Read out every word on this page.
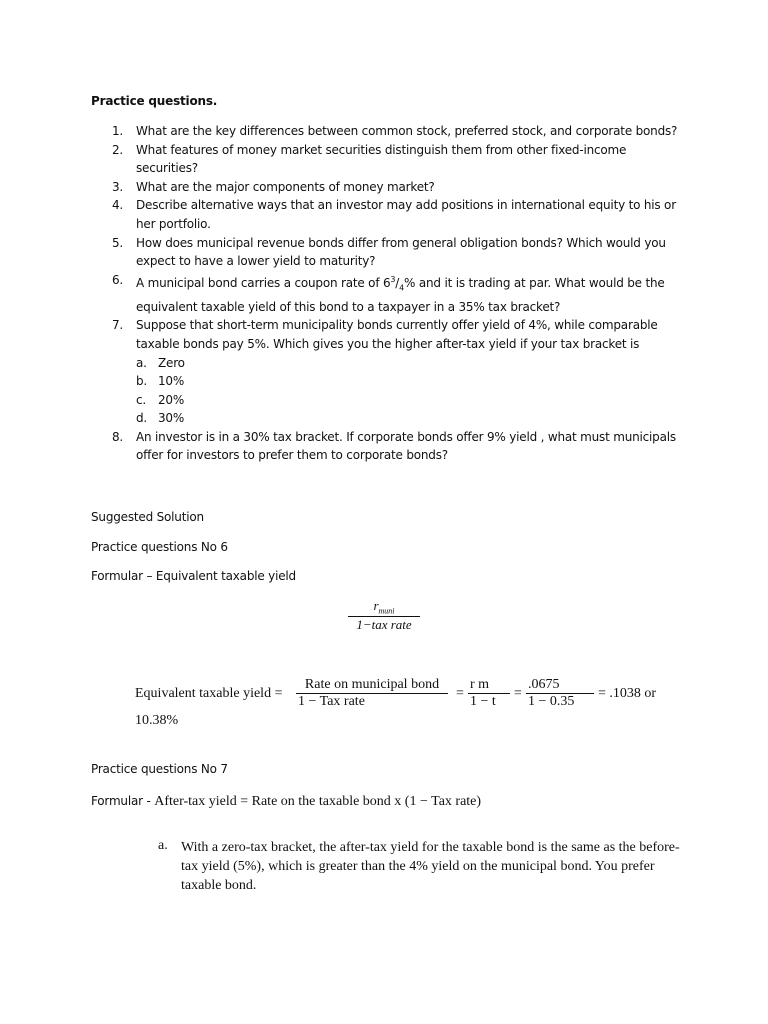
Practice questions.
1. What are the key differences between common stock, preferred stock, and corporate bonds?
2. What features of money market securities distinguish them from other fixed-income securities?
3. What are the major components of money market?
4. Describe alternative ways that an investor may add positions in international equity to his or her portfolio.
5. How does municipal revenue bonds differ from general obligation bonds? Which would you expect to have a lower yield to maturity?
6. A municipal bond carries a coupon rate of $6^3/_4\%$ and it is trading at par. What would be the equivalent taxable yield of this bond to a taxpayer in a 35% tax bracket?
7. Suppose that short-term municipality bonds currently offer yield of 4%, while comparable taxable bonds pay 5%. Which gives you the higher after-tax yield if your tax bracket is
a. Zero
b. 10%
c. 20%
d. 30%
8. An investor is in a 30% tax bracket. If corporate bonds offer 9% yield , what must municipals offer for investors to prefer them to corporate bonds?
Suggested Solution
Practice questions No 6
Formular – Equivalent taxable yield
$r_{muni}$
1−tax rate
Equivalent taxable yield =
Rate on municipal bond
1 − Tax rate
= $\frac{\text{r m}}{1 - t} = \frac{.0675}{1 - 0.35} = .1038$ or
10.38%
Practice questions No 7
Formular - After-tax yield = Rate on the taxable bond x (1 − Tax rate)
a. With a zero-tax bracket, the after-tax yield for the taxable bond is the same as the before-tax yield (5%), which is greater than the 4% yield on the municipal bond. You prefer taxable bond.
